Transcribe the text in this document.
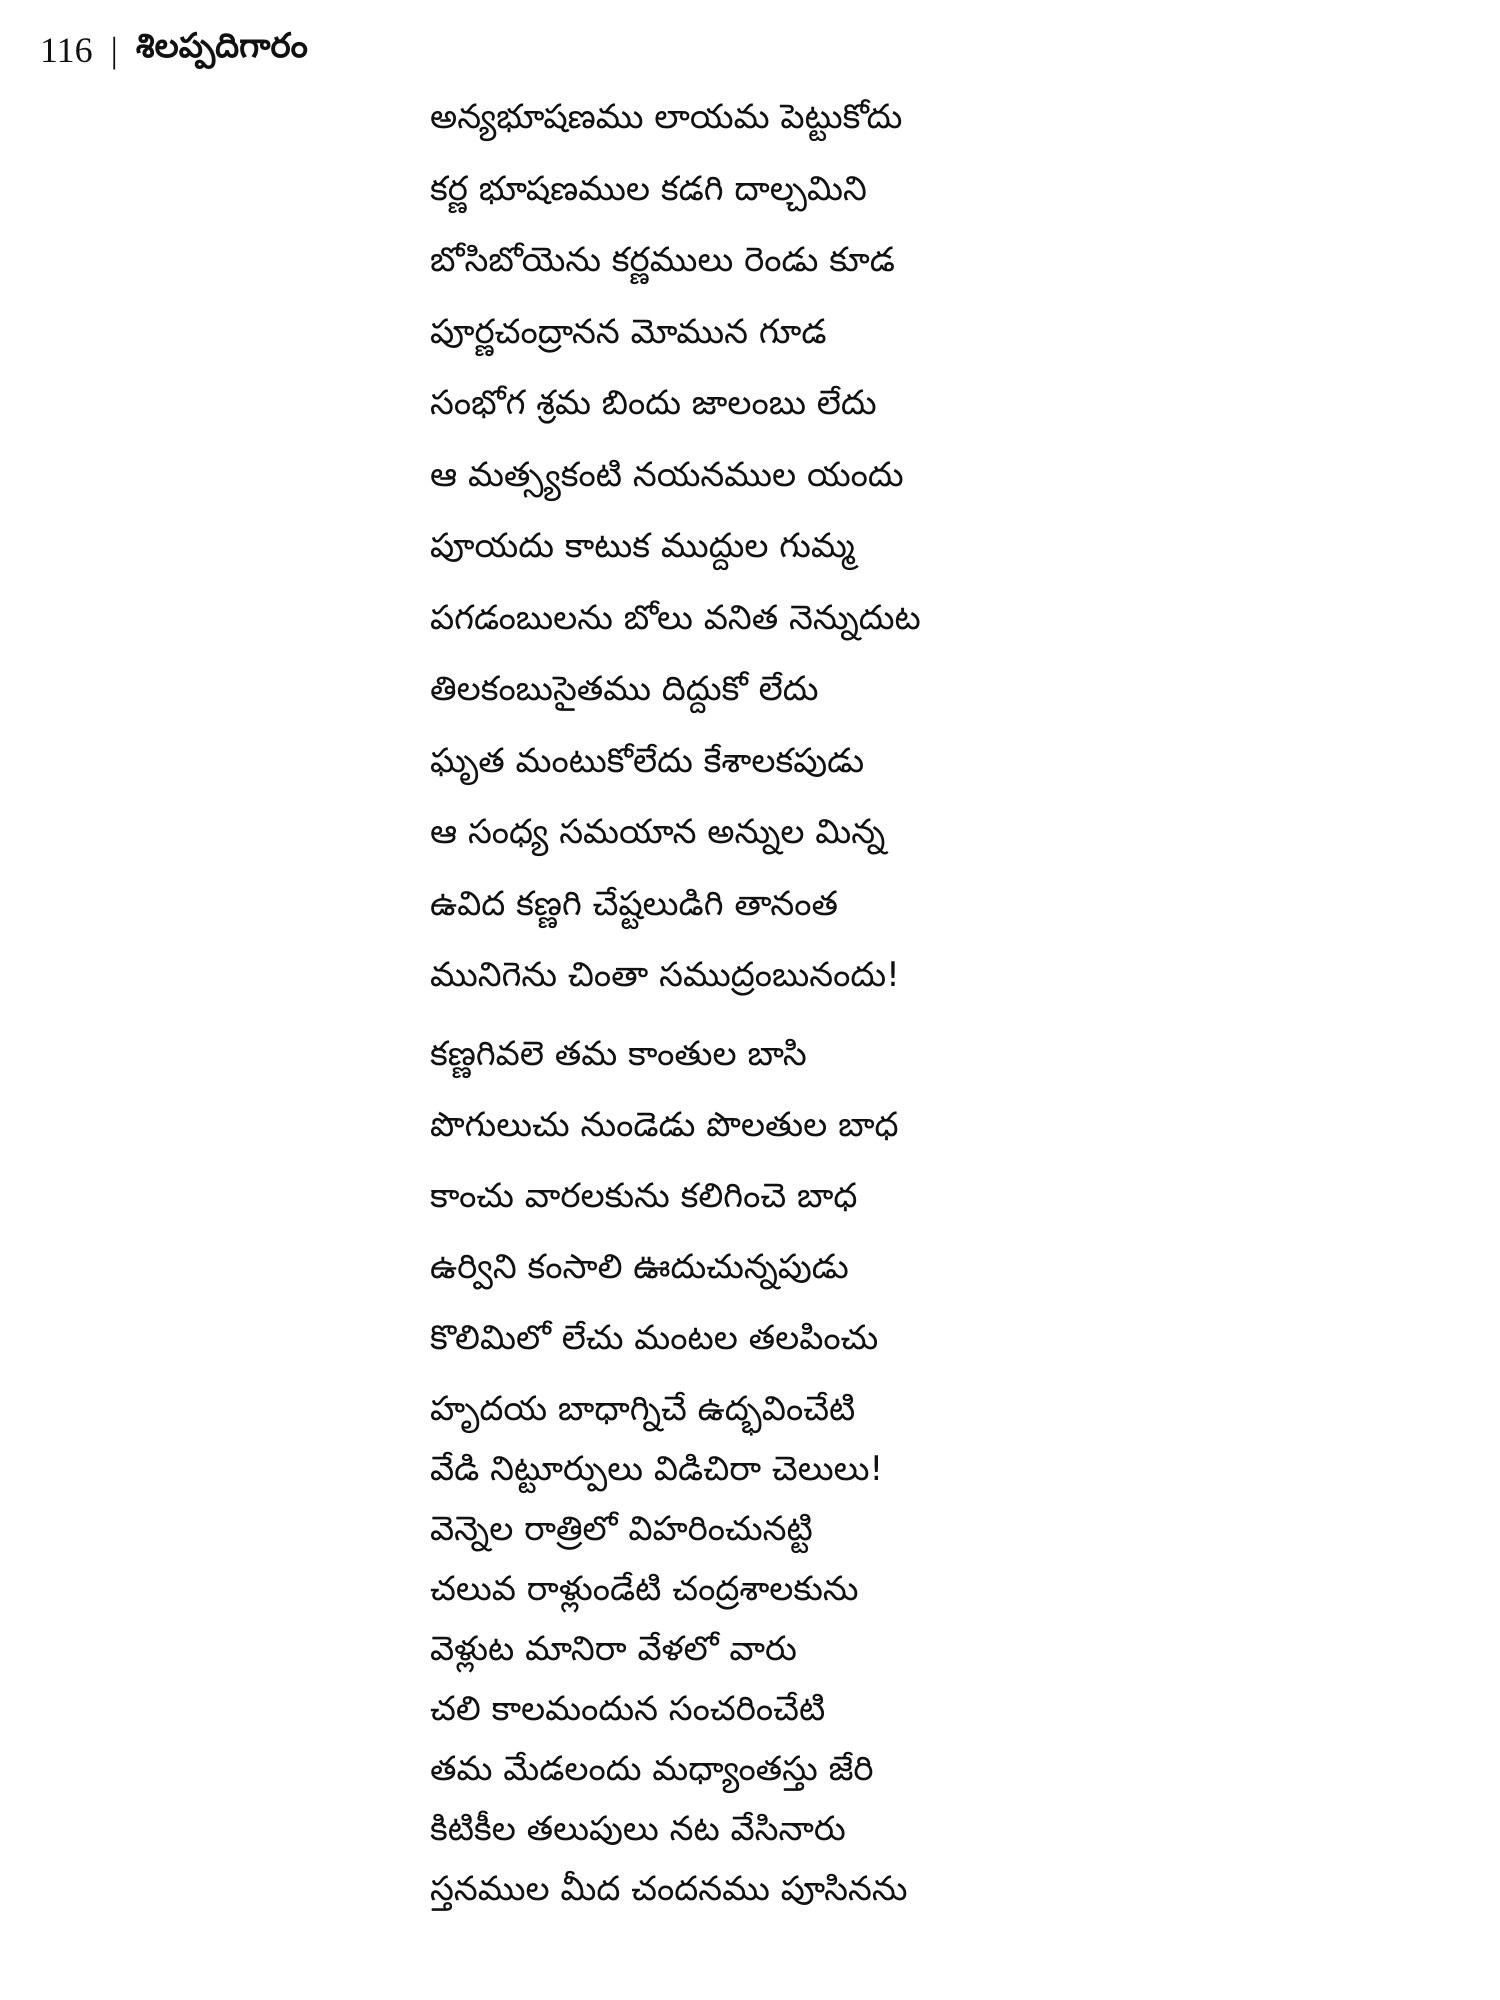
116 | శిలప్పదిగారం
అన్యభూషణము లాయమ పెట్టుకోదు
కర్ణ భూషణముల కడగి దాల్చమిని
బోసిబోయెను కర్ణములు రెండు కూడ
పూర్ణచంద్రానన మోమున గూడ
సంభోగ శ్రమ బిందు జాలంబు లేదు
ఆ మత్స్యకంటి నయనముల యందు
పూయదు కాటుక ముద్దుల గుమ్మ
పగడంబులను బోలు వనిత నెన్నుదుట
తిలకంబుసైతము దిద్దుకో లేదు
ఘృత మంటుకోలేదు కేశాలకపుడు
ఆ సంధ్య సమయాన అన్నుల మిన్న
ఉవిద కణ్ణగి చేష్టలుడిగి తానంత
మునిగెను చింతా సముద్రంబునందు!
కణ్ణగివలె తమ కాంతుల బాసి
పొగులుచు నుండెడు పొలతుల బాధ
కాంచు వారలకును కలిగించె బాధ
ఉర్విని కంసాలి ఊదుచున్నపుడు
కొలిమిలో లేచు మంటల తలపించు
హృదయ బాధాగ్నిచే ఉద్భవించేటి
వేడి నిట్టూర్పులు విడిచిరా చెలులు!
వెన్నెల రాత్రిలో విహరించునట్టి
చలువ రాళ్లుండేటి చంద్రశాలకును
వెళ్లుట మానిరా వేళలో వారు
చలి కాలమందున సంచరించేటి
తమ మేడలందు మధ్యాంతస్తు జేరి
కిటికీల తలుపులు నట వేసినారు
స్తనముల మీద చందనము పూసినను
